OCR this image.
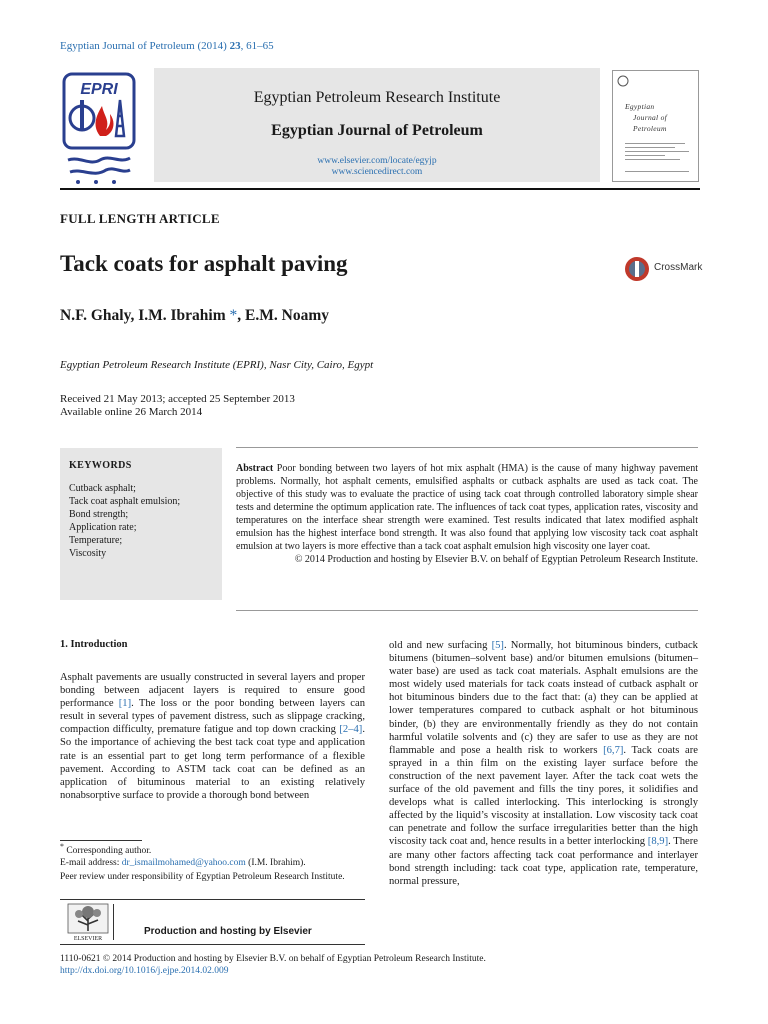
Egyptian Journal of Petroleum (2014) 23, 61–65
EPRI	Egyptian Petroleum Research Institute
Egyptian Journal of Petroleum
www.elsevier.com/locate/egyjp
www.sciencedirect.com
Egyptian
Journal of
Petroleum
FULL LENGTH ARTICLE
Tack coats for asphalt paving	CrossMark
N.F. Ghaly, I.M. Ibrahim *, E.M. Noamy
Egyptian Petroleum Research Institute (EPRI), Nasr City, Cairo, Egypt
Received 21 May 2013; accepted 25 September 2013
Available online 26 March 2014
KEYWORDS
Cutback asphalt;
Tack coat asphalt emulsion;
Bond strength;
Application rate;
Temperature;
Viscosity
Abstract Poor bonding between two layers of hot mix asphalt (HMA) is the cause of many highway pavement problems. Normally, hot asphalt cements, emulsified asphalts or cutback asphalts are used as tack coat. The objective of this study was to evaluate the practice of using tack coat through controlled laboratory simple shear tests and determine the optimum application rate. The influences of tack coat types, application rates, viscosity and temperatures on the interface shear strength were examined. Test results indicated that latex modified asphalt emulsion has the highest interface bond strength. It was also found that applying low viscosity tack coat asphalt emulsion at two layers is more effective than a tack coat asphalt emulsion high viscosity one layer coat.
© 2014 Production and hosting by Elsevier B.V. on behalf of Egyptian Petroleum Research Institute.
1. Introduction
Asphalt pavements are usually constructed in several layers and proper bonding between adjacent layers is required to ensure good performance [1]. The loss or the poor bonding between layers can result in several types of pavement distress, such as slippage cracking, compaction difficulty, premature fatigue and top down cracking [2–4]. So the importance of achieving the best tack coat type and application rate is an essential part to get long term performance of a flexible pavement. According to ASTM tack coat can be defined as an application of bituminous material to an existing relatively nonabsorptive surface to provide a thorough bond between
old and new surfacing [5]. Normally, hot bituminous binders, cutback bitumens (bitumen–solvent base) and/or bitumen emulsions (bitumen–water base) are used as tack coat materials. Asphalt emulsions are the most widely used materials for tack coats instead of cutback asphalt or hot bituminous binders due to the fact that: (a) they can be applied at lower temperatures compared to cutback asphalt or hot bituminous binder, (b) they are environmentally friendly as they do not contain harmful volatile solvents and (c) they are safer to use as they are not flammable and pose a health risk to workers [6,7]. Tack coats are sprayed in a thin film on the existing layer surface before the construction of the next pavement layer. After the tack coat wets the surface of the old pavement and fills the tiny pores, it solidifies and develops what is called interlocking. This interlocking is strongly affected by the liquid’s viscosity at installation. Low viscosity tack coat can penetrate and follow the surface irregularities better than the high viscosity tack coat and, hence results in a better interlocking [8,9]. There are many other factors affecting tack coat performance and interlayer bond strength including: tack coat type, application rate, temperature, normal pressure,
* Corresponding author.
E-mail address: dr_ismailmohamed@yahoo.com (I.M. Ibrahim).
Peer review under responsibility of Egyptian Petroleum Research Institute.
ELSEVIER
Production and hosting by Elsevier
1110-0621 © 2014 Production and hosting by Elsevier B.V. on behalf of Egyptian Petroleum Research Institute.
http://dx.doi.org/10.1016/j.ejpe.2014.02.009
